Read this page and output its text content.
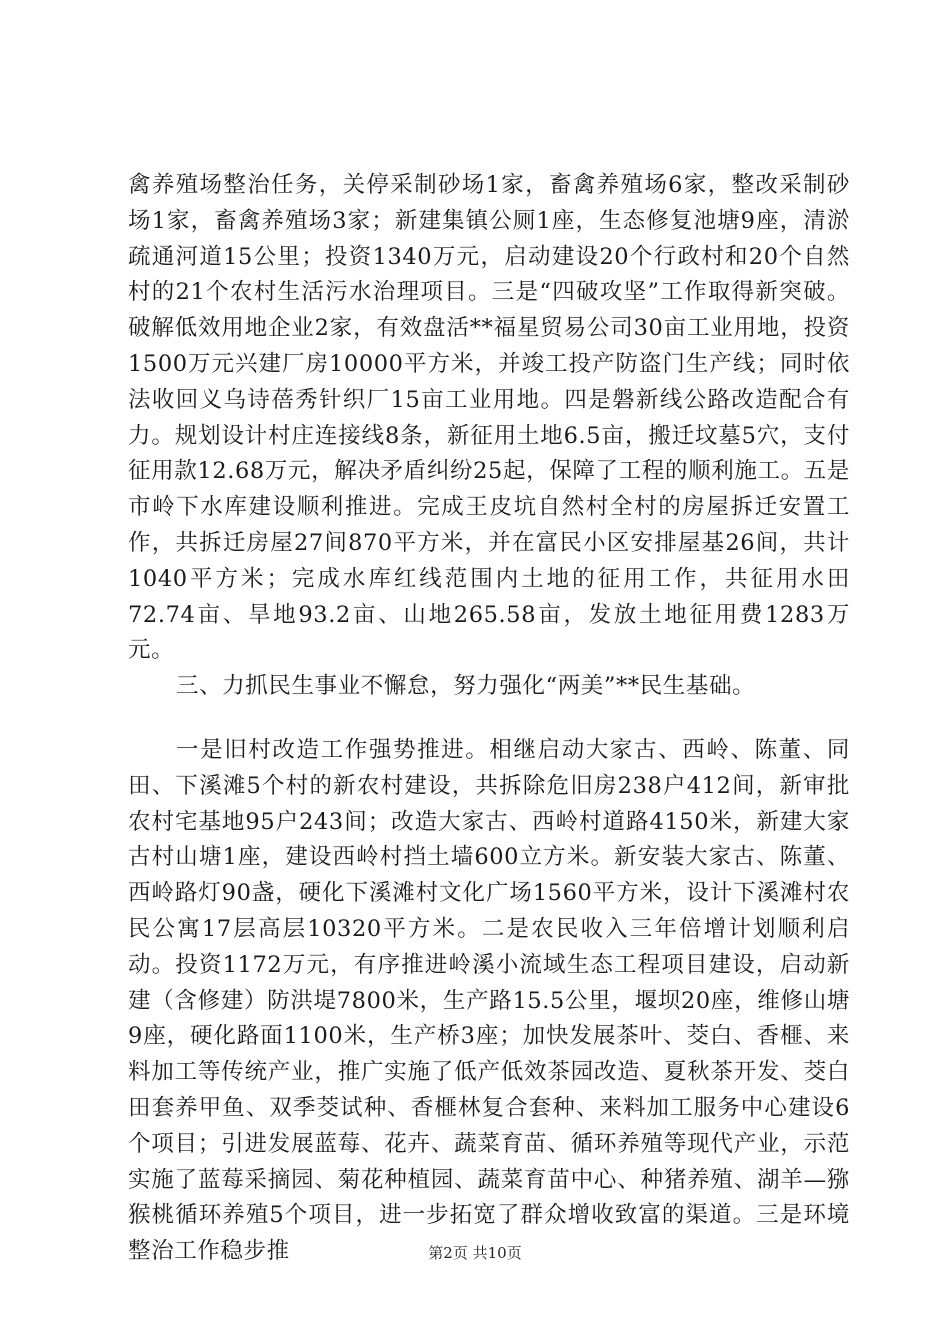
禽养殖场整治任务，关停采制砂场1家，畜禽养殖场6家，整改采制砂场1家，畜禽养殖场3家；新建集镇公厕1座，生态修复池塘9座，清淤疏通河道15公里；投资1340万元，启动建设20个行政村和20个自然村的21个农村生活污水治理项目。三是“四破攻坚”工作取得新突破。破解低效用地企业2家，有效盘活**福星贸易公司30亩工业用地，投资1500万元兴建厂房10000平方米，并竣工投产防盗门生产线；同时依法收回义乌诗蓓秀针织厂15亩工业用地。四是磐新线公路改造配合有力。规划设计村庄连接线8条，新征用土地6.5亩，搬迁坟墓5穴，支付征用款12.68万元，解决矛盾纠纷25起，保障了工程的顺利施工。五是市岭下水库建设顺利推进。完成王皮坑自然村全村的房屋拆迁安置工作，共拆迁房屋27间870平方米，并在富民小区安排屋基26间，共计1040平方米；完成水库红线范围内土地的征用工作，共征用水田72.74亩、旱地93.2亩、山地265.58亩，发放土地征用费1283万元。

三、力抓民生事业不懈怠，努力强化“两美”**民生基础。

一是旧村改造工作强势推进。相继启动大家古、西岭、陈董、同田、下溪滩5个村的新农村建设，共拆除危旧房238户412间，新审批农村宅基地95户243间；改造大家古、西岭村道路4150米，新建大家古村山塘1座，建设西岭村挡土墙600立方米。新安装大家古、陈董、西岭路灯90盏，硬化下溪滩村文化广场1560平方米，设计下溪滩村农民公寓17层高层10320平方米。二是农民收入三年倍增计划顺利启动。投资1172万元，有序推进岭溪小流域生态工程项目建设，启动新建（含修建）防洪堤7800米，生产路15.5公里，堰坝20座，维修山塘9座，硬化路面1100米，生产桥3座；加快发展茶叶、茭白、香榧、来料加工等传统产业，推广实施了低产低效茶园改造、夏秋茶开发、茭白田套养甲鱼、双季茭试种、香榧林复合套种、来料加工服务中心建设6个项目；引进发展蓝莓、花卉、蔬菜育苗、循环养殖等现代产业，示范实施了蓝莓采摘园、菊花种植园、蔬菜育苗中心、种猪养殖、湖羊—猕猴桃循环养殖5个项目，进一步拓宽了群众增收致富的渠道。三是环境整治工作稳步推	第2页 共10页
